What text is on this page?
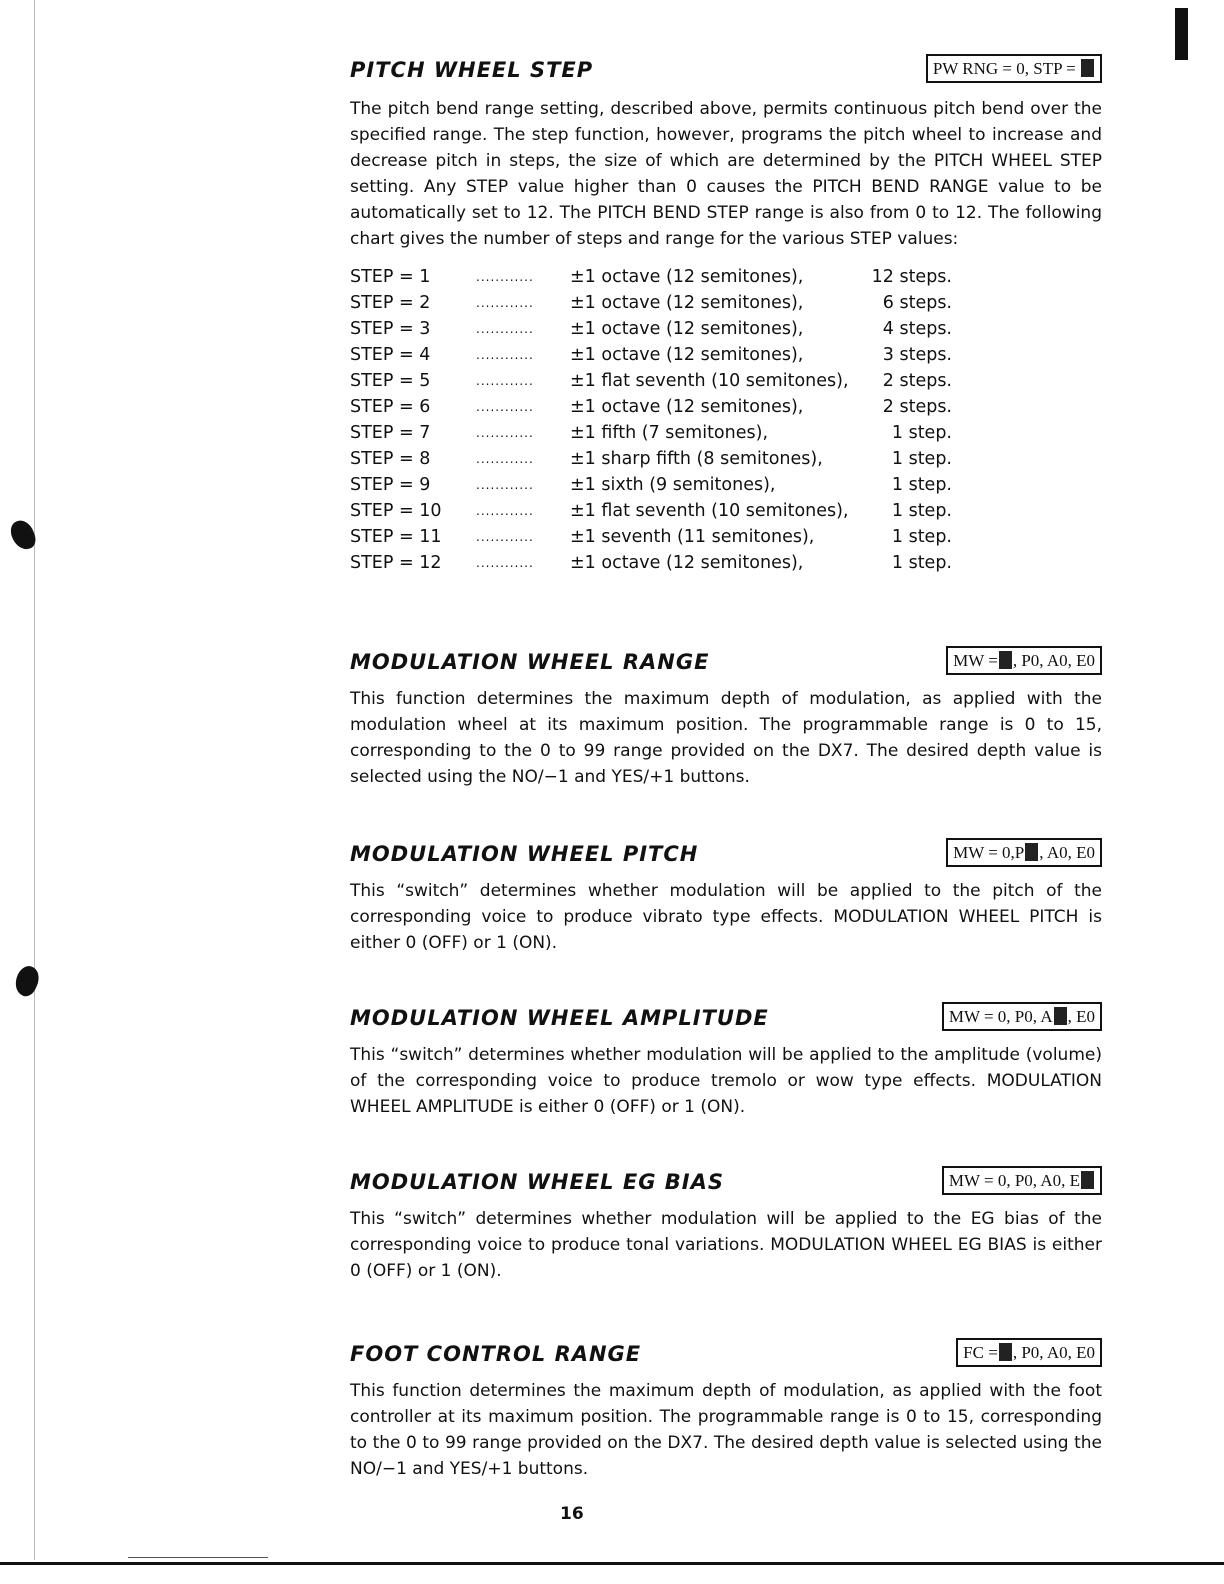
PITCH WHEEL STEP	PW RNG = 0, STP =

The pitch bend range setting, described above, permits continuous pitch bend over the specified range. The step function, however, programs the pitch wheel to increase and decrease pitch in steps, the size of which are determined by the PITCH WHEEL STEP setting. Any STEP value higher than 0 causes the PITCH BEND RANGE value to be automatically set to 12. The PITCH BEND STEP range is also from 0 to 12. The following chart gives the number of steps and range for the various STEP values:

STEP = 1	............	±1 octave (12 semitones),	12 steps.
STEP = 2	............	±1 octave (12 semitones),	6 steps.
STEP = 3	............	±1 octave (12 semitones),	4 steps.
STEP = 4	............	±1 octave (12 semitones),	3 steps.
STEP = 5	............	±1 flat seventh (10 semitones),	2 steps.
STEP = 6	............	±1 octave (12 semitones),	2 steps.
STEP = 7	............	±1 fifth (7 semitones),	1 step.
STEP = 8	............	±1 sharp fifth (8 semitones),	1 step.
STEP = 9	............	±1 sixth (9 semitones),	1 step.
STEP = 10	............	±1 flat seventh (10 semitones),	1 step.
STEP = 11	............	±1 seventh (11 semitones),	1 step.
STEP = 12	............	±1 octave (12 semitones),	1 step.
MODULATION WHEEL RANGE	MW = , P0, A0, E0

This function determines the maximum depth of modulation, as applied with the modulation wheel at its maximum position. The programmable range is 0 to 15, corresponding to the 0 to 99 range provided on the DX7. The desired depth value is selected using the NO/−1 and YES/+1 buttons.

MODULATION WHEEL PITCH	MW = 0,P , A0, E0

This “switch” determines whether modulation will be applied to the pitch of the corresponding voice to produce vibrato type effects. MODULATION WHEEL PITCH is either 0 (OFF) or 1 (ON).

MODULATION WHEEL AMPLITUDE	MW = 0, P0, A , E0

This “switch” determines whether modulation will be applied to the amplitude (volume) of the corresponding voice to produce tremolo or wow type effects. MODULATION WHEEL AMPLITUDE is either 0 (OFF) or 1 (ON).

MODULATION WHEEL EG BIAS	MW = 0, P0, A0, E

This “switch” determines whether modulation will be applied to the EG bias of the corresponding voice to produce tonal variations. MODULATION WHEEL EG BIAS is either 0 (OFF) or 1 (ON).

FOOT CONTROL RANGE	FC = , P0, A0, E0

This function determines the maximum depth of modulation, as applied with the foot controller at its maximum position. The programmable range is 0 to 15, corresponding to the 0 to 99 range provided on the DX7. The desired depth value is selected using the NO/−1 and YES/+1 buttons.

16
